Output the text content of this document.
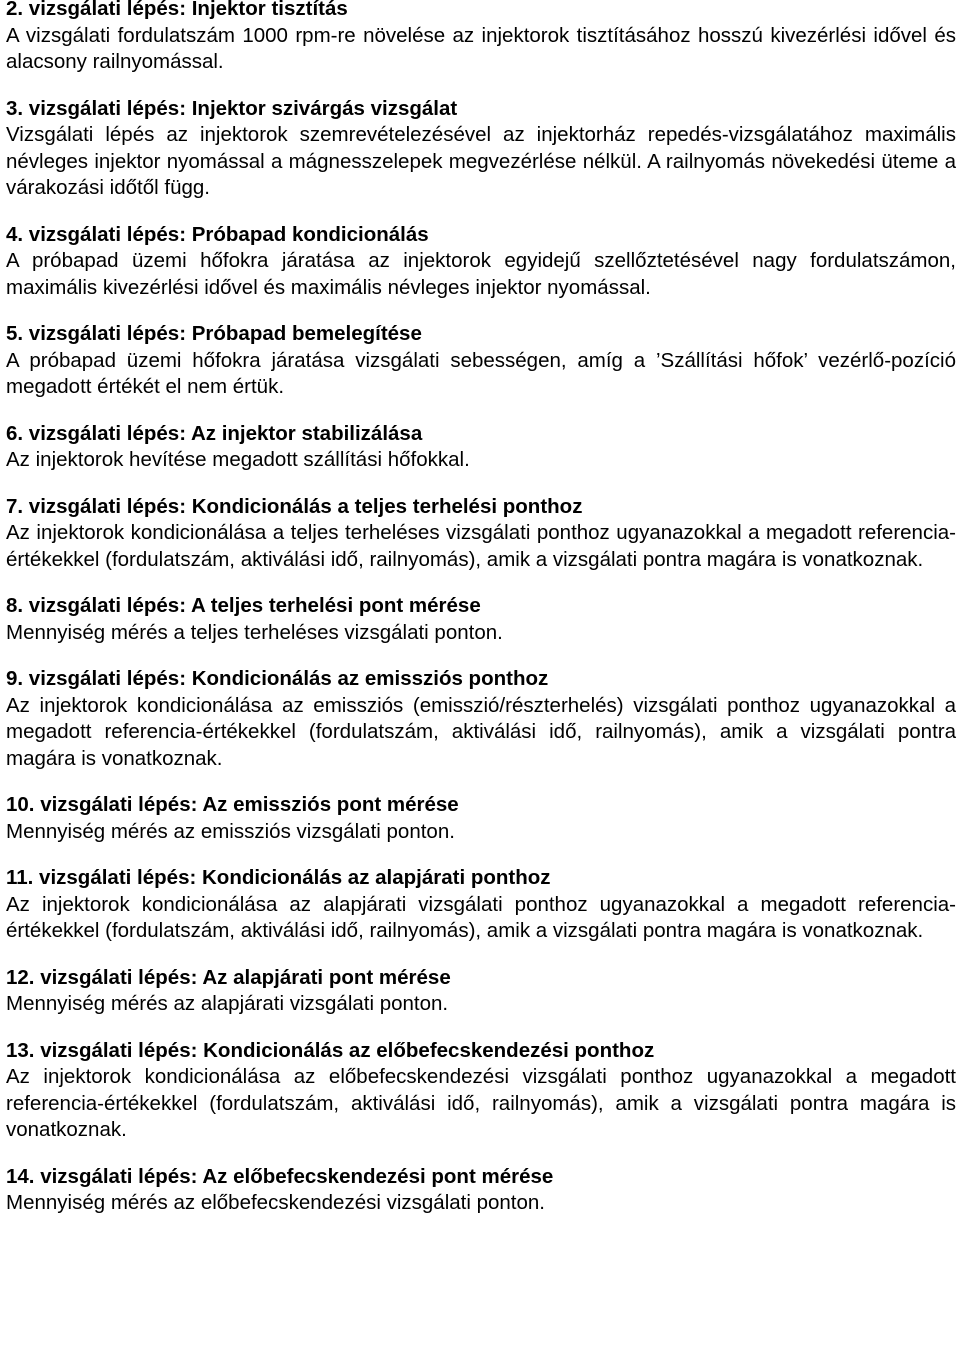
2. vizsgálati lépés: Injektor tisztítás

A vizsgálati fordulatszám 1000 rpm-re növelése az injektorok tisztításához hosszú kivezérlési idővel és alacsony railnyomással.

3. vizsgálati lépés: Injektor szivárgás vizsgálat

Vizsgálati lépés az injektorok szemrevételezésével az injektorház repedés-vizsgálatához maximális névleges injektor nyomással a mágnesszelepek megvezérlése nélkül. A railnyomás növekedési üteme a várakozási időtől függ.

4. vizsgálati lépés: Próbapad kondicionálás

A próbapad üzemi hőfokra járatása az injektorok egyidejű szellőztetésével nagy fordulatszámon, maximális kivezérlési idővel és maximális névleges injektor nyomással.

5. vizsgálati lépés: Próbapad bemelegítése

A próbapad üzemi hőfokra járatása vizsgálati sebességen, amíg a ’Szállítási hőfok’ vezérlő-pozíció megadott értékét el nem értük.

6. vizsgálati lépés: Az injektor stabilizálása

Az injektorok hevítése megadott szállítási hőfokkal.

7. vizsgálati lépés: Kondicionálás a teljes terhelési ponthoz

Az injektorok kondicionálása a teljes terheléses vizsgálati ponthoz ugyanazokkal a megadott referencia-értékekkel (fordulatszám, aktiválási idő, railnyomás), amik a vizsgálati pontra magára is vonatkoznak.

8. vizsgálati lépés: A teljes terhelési pont mérése

Mennyiség mérés a teljes terheléses vizsgálati ponton.

9. vizsgálati lépés: Kondicionálás az emissziós ponthoz

Az injektorok kondicionálása az emissziós (emisszió/részterhelés) vizsgálati ponthoz ugyanazokkal a megadott referencia-értékekkel (fordulatszám, aktiválási idő, railnyomás), amik a vizsgálati pontra magára is vonatkoznak.

10. vizsgálati lépés: Az emissziós pont mérése

Mennyiség mérés az emissziós vizsgálati ponton.

11. vizsgálati lépés: Kondicionálás az alapjárati ponthoz

Az injektorok kondicionálása az alapjárati vizsgálati ponthoz ugyanazokkal a megadott referencia-értékekkel (fordulatszám, aktiválási idő, railnyomás), amik a vizsgálati pontra magára is vonatkoznak.

12. vizsgálati lépés: Az alapjárati pont mérése

Mennyiség mérés az alapjárati vizsgálati ponton.

13. vizsgálati lépés: Kondicionálás az előbefecskendezési ponthoz

Az injektorok kondicionálása az előbefecskendezési vizsgálati ponthoz ugyanazokkal a megadott referencia-értékekkel (fordulatszám, aktiválási idő, railnyomás), amik a vizsgálati pontra magára is vonatkoznak.

14. vizsgálati lépés: Az előbefecskendezési pont mérése

Mennyiség mérés az előbefecskendezési vizsgálati ponton.
